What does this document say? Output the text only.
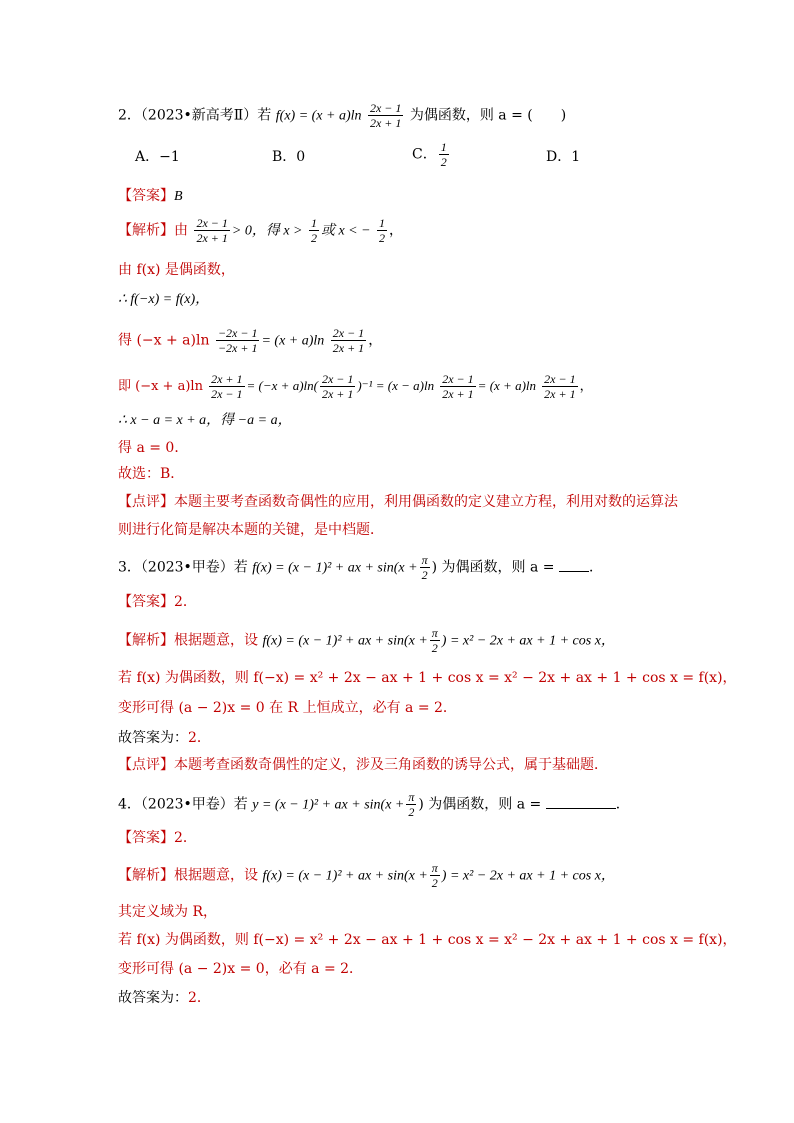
2．（2023•新高考Ⅱ）若 $f(x) = (x + a)\ln \frac{2x - 1}{2x + 1}$ 为偶函数，则 a = (　　)
A．−1	B．0	C． $\frac{1}{2}$	D．1
【答案】B
【解析】由 $\frac{2x - 1}{2x + 1} > 0$，得 $x > \frac{1}{2}$ 或 x < − $\frac{1}{2}$ ，
由 f(x) 是偶函数，
∴ f(−x) = f(x)，
得 $(-x + a)\ln \frac{-2x - 1}{-2x + 1} = (x + a)\ln \frac{2x - 1}{2x + 1}$ ，
即 $(-x + a)\ln \frac{2x + 1}{2x - 1} = (-x + a)\ln( \frac{2x - 1}{2x + 1} )^{-1} = (x - a)\ln \frac{2x - 1}{2x + 1} = (x + a)\ln \frac{2x - 1}{2x + 1}$ ，
∴ x − a = x + a，得 −a = a，
得 a = 0．
故选：B．
【点评】本题主要考查函数奇偶性的应用，利用偶函数的定义建立方程，利用对数的运算法
则进行化简是解决本题的关键，是中档题．
3．（2023•甲卷）若 f(x) = (x − 1)² + ax + $\sin(x + \frac{\pi}{2}$ ) 为偶函数，则 a = ．
【答案】2．
【解析】根据题意，设 f(x) = (x − 1)² + ax + $\sin(x + \frac{\pi}{2}$ ) = x² − 2x + ax + 1 + cos x，
若 f(x) 为偶函数，则 f(−x) = x² + 2x − ax + 1 + cos x = x² − 2x + ax + 1 + cos x = f(x)，
变形可得 (a − 2)x = 0 在 R 上恒成立，必有 a = 2．
故答案为：2．
【点评】本题考查函数奇偶性的定义，涉及三角函数的诱导公式，属于基础题．
4．（2023•甲卷）若 y = (x − 1)² + ax + $\sin(x + \frac{\pi}{2}$ ) 为偶函数，则 a =	．
【答案】2．
【解析】根据题意，设 f(x) = (x − 1)² + ax + $\sin(x + \frac{\pi}{2}$ ) = x² − 2x + ax + 1 + cos x，
其定义域为 R，
若 f(x) 为偶函数，则 f(−x) = x² + 2x − ax + 1 + cos x = x² − 2x + ax + 1 + cos x = f(x)，
变形可得 (a − 2)x = 0，必有 a = 2．
故答案为：2．
